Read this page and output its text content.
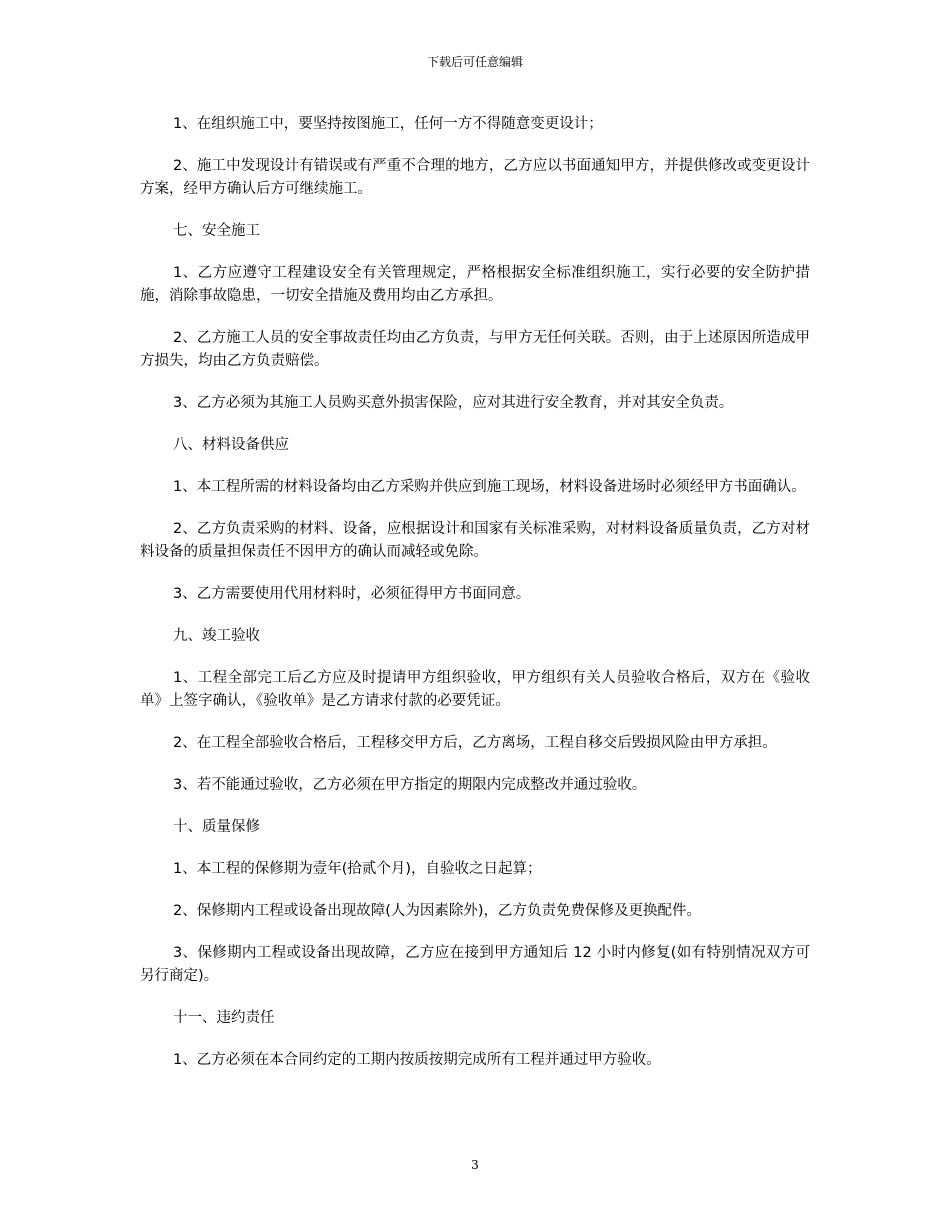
下载后可任意编辑

1、在组织施工中，要坚持按图施工，任何一方不得随意变更设计；

2、施工中发现设计有错误或有严重不合理的地方，乙方应以书面通知甲方，并提供修改或变更设计方案，经甲方确认后方可继续施工。

七、安全施工

1、乙方应遵守工程建设安全有关管理规定，严格根据安全标准组织施工，实行必要的安全防护措施，消除事故隐患，一切安全措施及费用均由乙方承担。

2、乙方施工人员的安全事故责任均由乙方负责，与甲方无任何关联。否则，由于上述原因所造成甲方损失，均由乙方负责赔偿。

3、乙方必须为其施工人员购买意外损害保险，应对其进行安全教育，并对其安全负责。

八、材料设备供应

1、本工程所需的材料设备均由乙方采购并供应到施工现场，材料设备进场时必须经甲方书面确认。

2、乙方负责采购的材料、设备，应根据设计和国家有关标准采购，对材料设备质量负责，乙方对材料设备的质量担保责任不因甲方的确认而减轻或免除。

3、乙方需要使用代用材料时，必须征得甲方书面同意。

九、竣工验收

1、工程全部完工后乙方应及时提请甲方组织验收，甲方组织有关人员验收合格后，双方在《验收单》上签字确认，《验收单》是乙方请求付款的必要凭证。

2、在工程全部验收合格后，工程移交甲方后，乙方离场，工程自移交后毁损风险由甲方承担。

3、若不能通过验收，乙方必须在甲方指定的期限内完成整改并通过验收。

十、质量保修

1、本工程的保修期为壹年(拾贰个月)，自验收之日起算；

2、保修期内工程或设备出现故障(人为因素除外)，乙方负责免费保修及更换配件。

3、保修期内工程或设备出现故障，乙方应在接到甲方通知后 12 小时内修复(如有特别情况双方可另行商定)。

十一、违约责任

1、乙方必须在本合同约定的工期内按质按期完成所有工程并通过甲方验收。

3
